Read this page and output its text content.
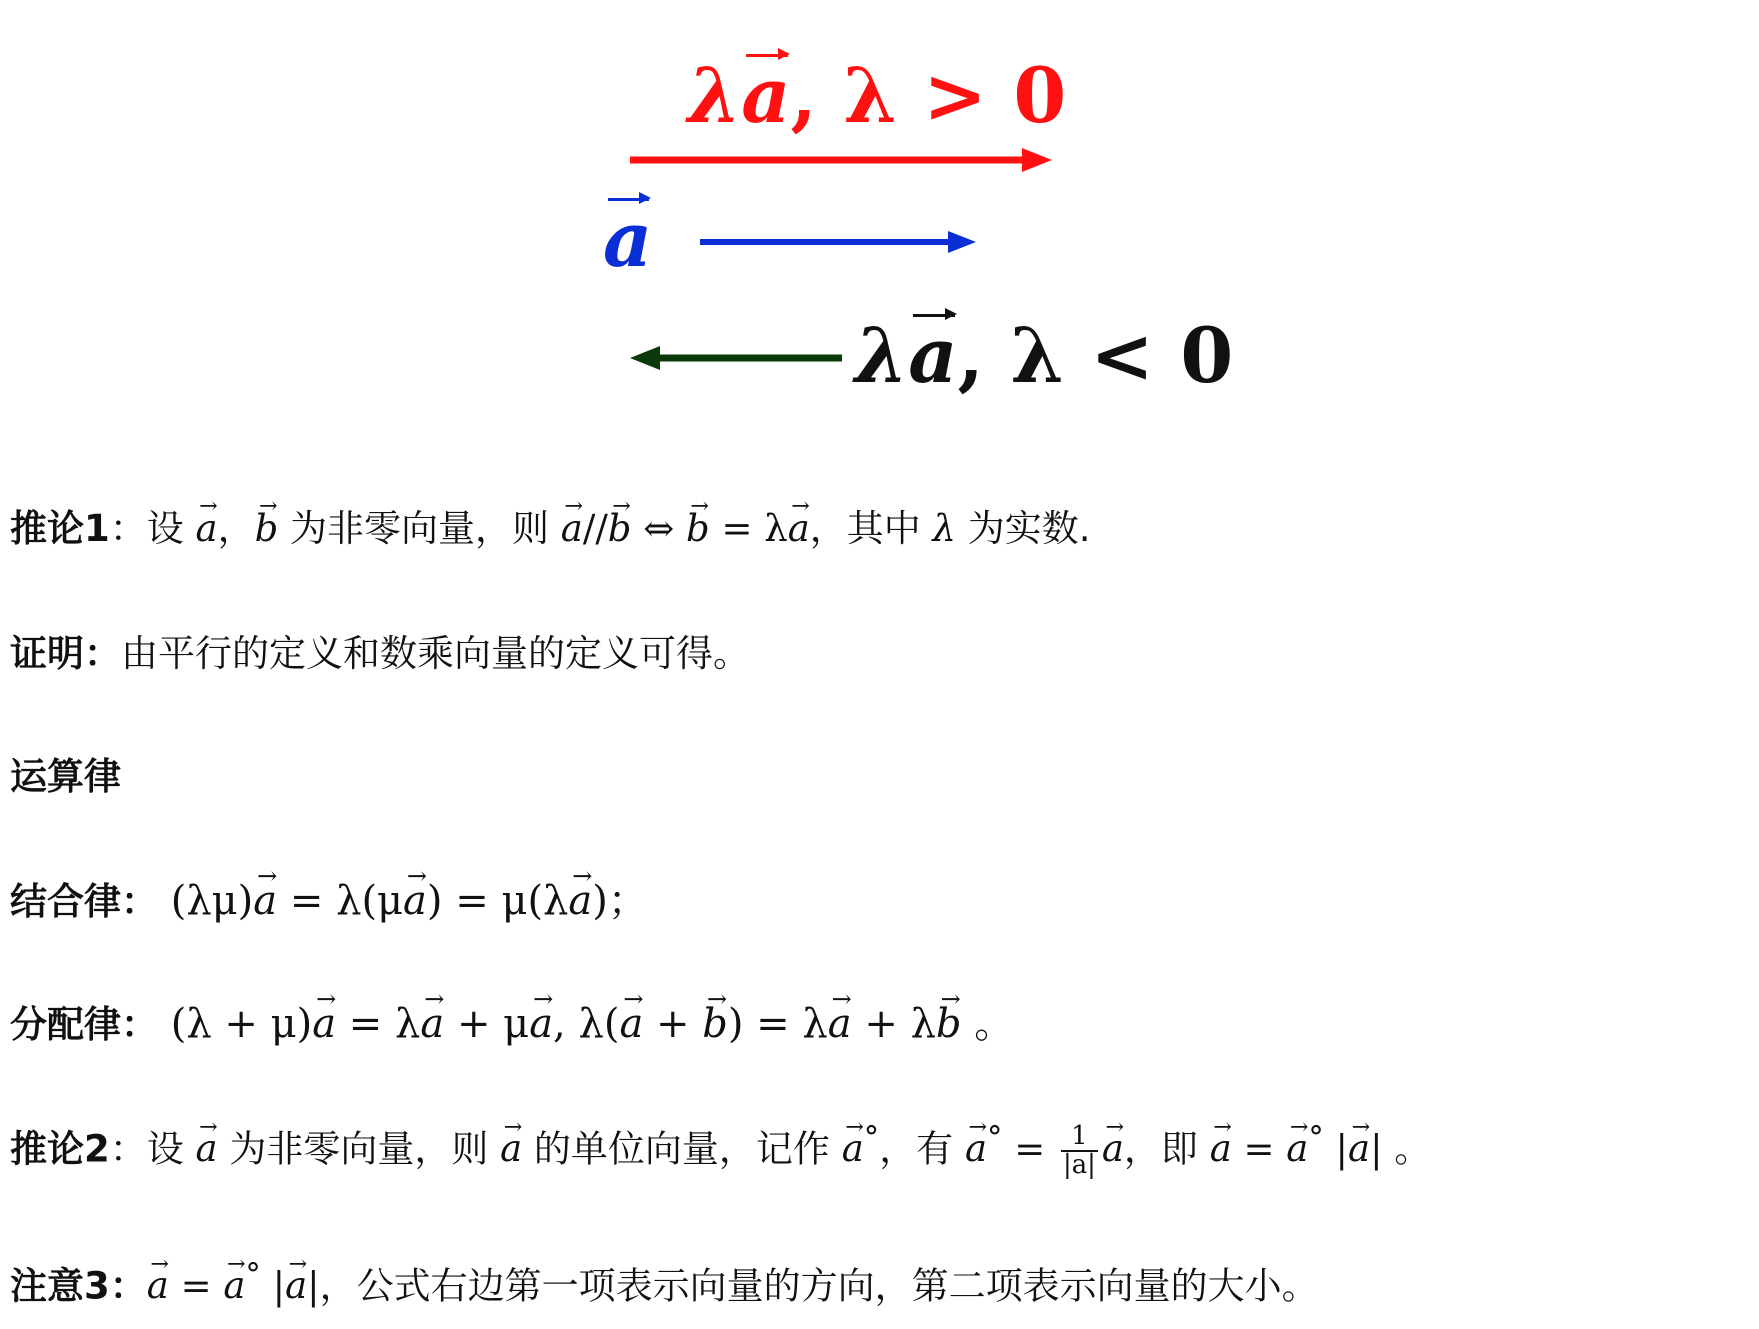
λa, λ > 0
a
λa, λ < 0
推论1：设 a →，b → 为非零向量，则 a →//b → ⇔ b → = λa →，其中 λ 为实数.
证明：由平行的定义和数乘向量的定义可得。
运算律
结合律： (λμ)a → = λ(μa →) = μ(λa →)；
分配律： (λ + μ)a → = λa → + μa →, λ(a → + b →) = λa → + λb → 。
推论2：设 a → 为非零向量，则 a → 的单位向量，记作 a →°，有 $a \to^\circ = \frac{1}{|a|}$ a →，即 a → = a →° |a →| 。
注意3：a → = a →° |a →|，公式右边第一项表示向量的方向，第二项表示向量的大小。
